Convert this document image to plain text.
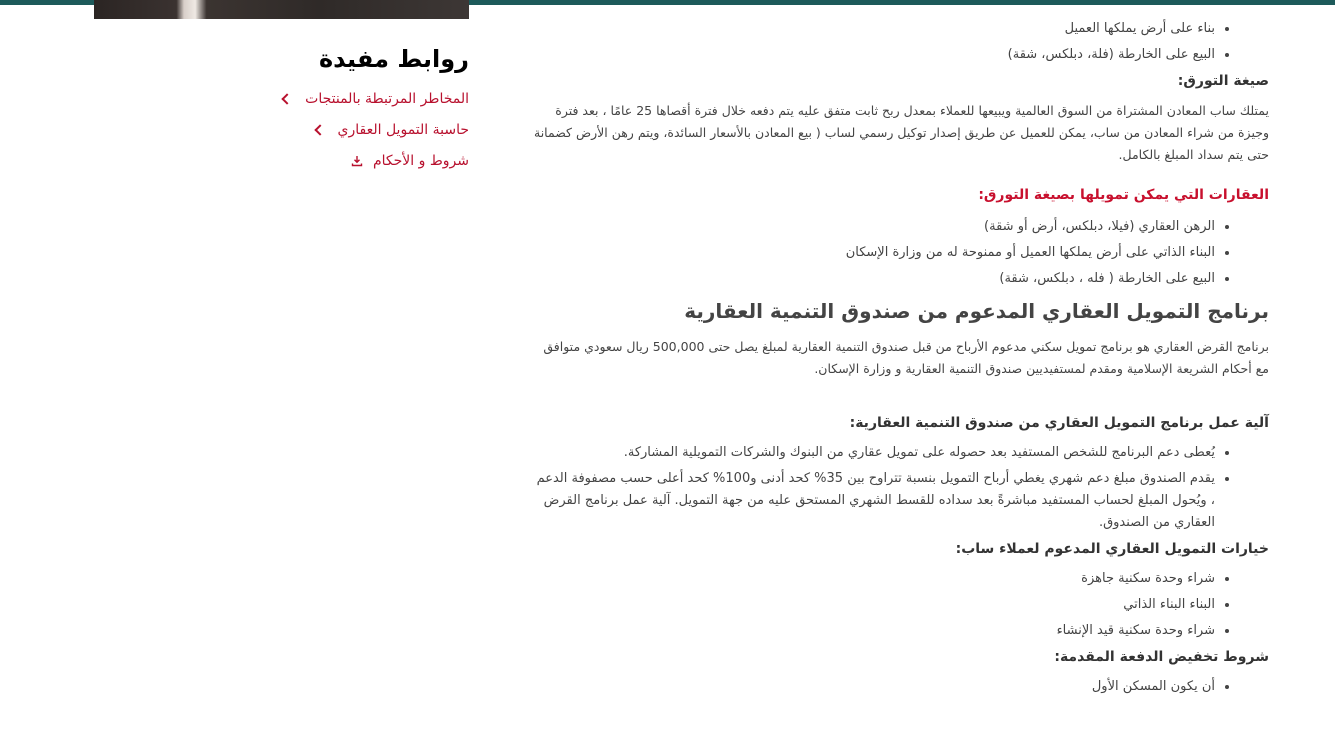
روابط مفيدة
المخاطر المرتبطة بالمنتجات
حاسبة التمويل العقاري
شروط و الأحكام
• بناء على أرض يملكها العميل
• البيع على الخارطة (فلة، دبلكس، شقة)
صيغة التورق:

يمتلك ساب المعادن المشتراة من السوق العالمية ويبيعها للعملاء بمعدل ربح ثابت متفق عليه يتم دفعه خلال فترة أقصاها 25 عامًا ، بعد فترة وجيزة من شراء المعادن من ساب، يمكن للعميل عن طريق إصدار توكيل رسمي لساب ( بيع المعادن بالأسعار السائدة، ويتم رهن الأرض كضمانة حتى يتم سداد المبلغ بالكامل.

العقارات التي يمكن تمويلها بصيغة التورق:
• الرهن العقاري (فيلا، دبلكس، أرض أو شقة)
• البناء الذاتي على أرض يملكها العميل أو ممنوحة له من وزارة الإسكان
• البيع على الخارطة ( فله ، دبلكس، شقة)
برنامج التمويل العقاري المدعوم من صندوق التنمية العقارية

برنامج القرض العقاري هو برنامج تمويل سكني مدعوم الأرباح من قبل صندوق التنمية العقارية لمبلغ يصل حتى 500,000 ريال سعودي متوافق مع أحكام الشريعة الإسلامية ومقدم لمستفيديين صندوق التنمية العقارية و وزارة الإسكان.

آلية عمل برنامج التمويل العقاري من صندوق التنمية العقارية:
• يُعطى دعم البرنامج للشخص المستفيد بعد حصوله على تمويل عقاري من البنوك والشركات التمويلية المشاركة.
• يقدم الصندوق مبلغ دعم شهري يغطي أرباح التمويل بنسبة تتراوح بين 35% كحد أدنى و100% كحد أعلى حسب مصفوفة الدعم ، ويُحول المبلغ لحساب المستفيد مباشرةً بعد سداده للقسط الشهري المستحق عليه من جهة التمويل. آلية عمل برنامج القرض العقاري من الصندوق.
خيارات التمويل العقاري المدعوم لعملاء ساب:
• شراء وحدة سكنية جاهزة
• البناء البناء الذاتي
• شراء وحدة سكنية قيد الإنشاء
شروط تخفيض الدفعة المقدمة:
• أن يكون المسكن الأول
